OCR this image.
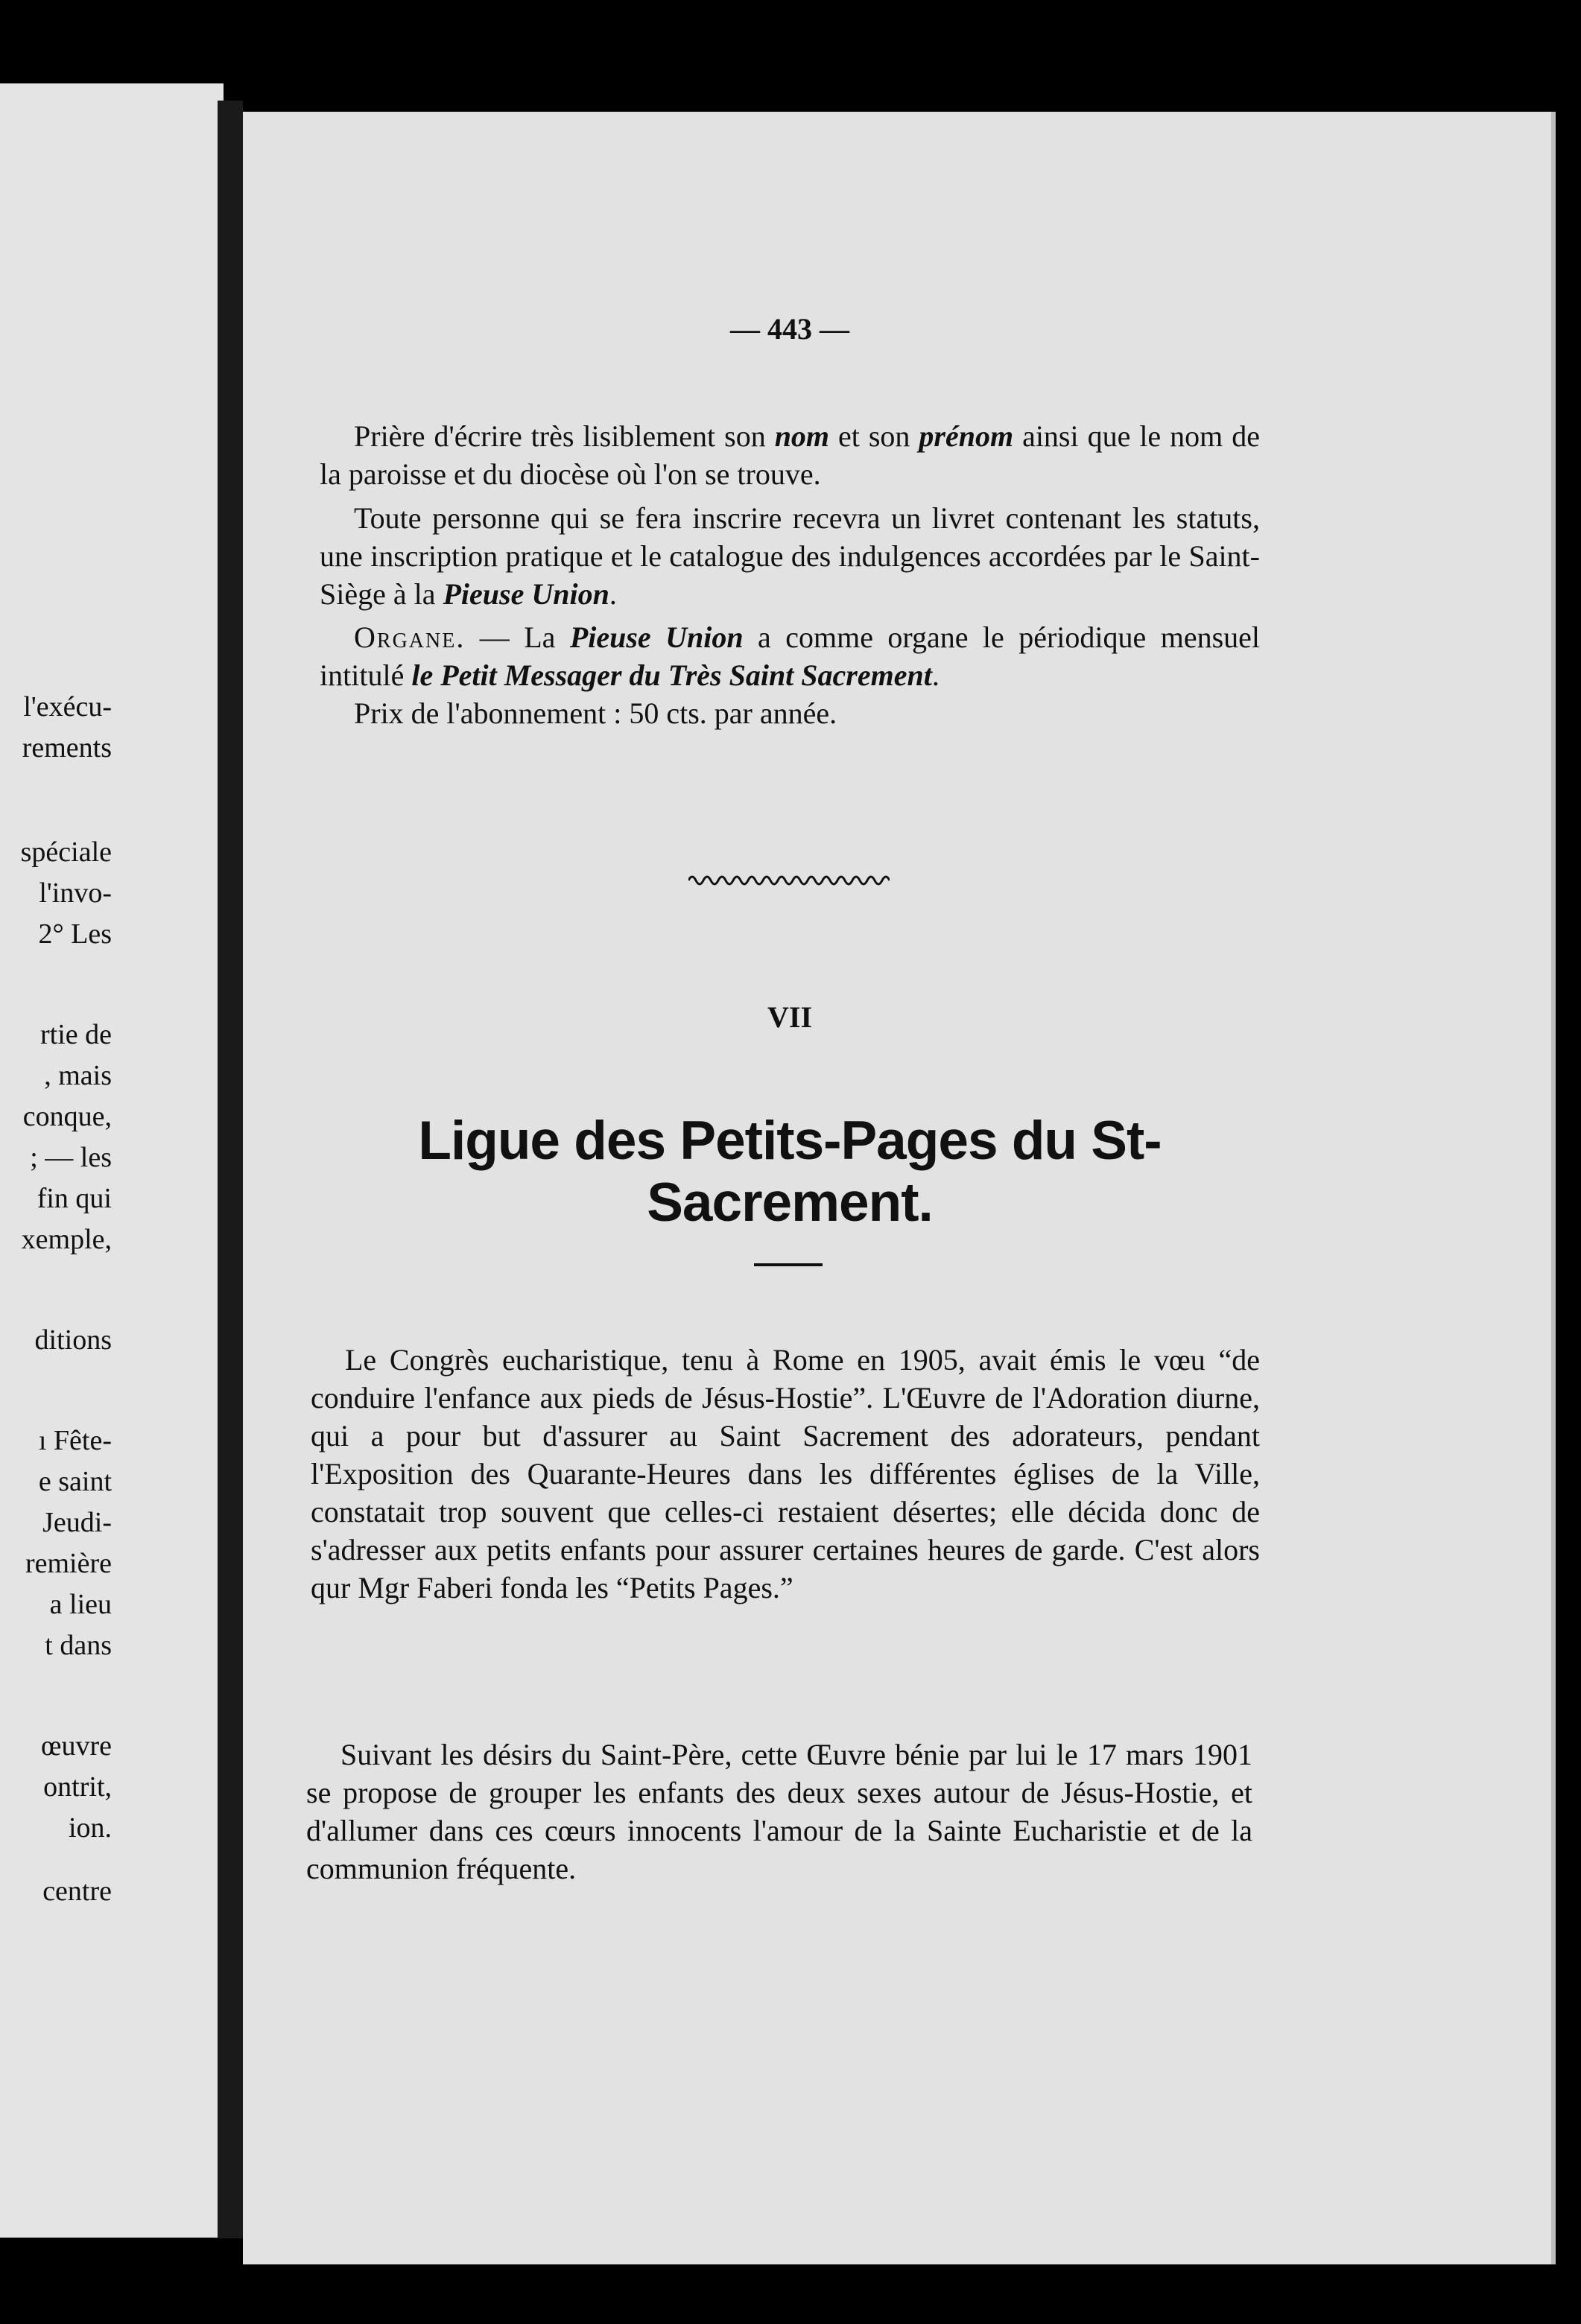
l'exécu-
rements
spéciale
l'invo-
2° Les
rtie de
, mais
conque,
; — les
fin qui
xemple,
ditions
ı Fête-
e saint
Jeudi-
remière
a lieu
t dans
œuvre
ontrit,
ion.
centre
— 443 —

Prière d'écrire très lisiblement son nom et son prénom ainsi que le nom de la paroisse et du diocèse où l'on se trouve.

Toute personne qui se fera inscrire recevra un livret contenant les statuts, une inscription pratique et le catalogue des indulgences accordées par le Saint-Siège à la Pieuse Union.

Organe. — La Pieuse Union a comme organe le périodique mensuel intitulé le Petit Messager du Très Saint Sacrement.

Prix de l'abonnement : 50 cts. par année.

VII
Ligue des Petits-Pages du St-Sacrement.

Le Congrès eucharistique, tenu à Rome en 1905, avait émis le vœu “de conduire l'enfance aux pieds de Jésus-Hostie”. L'Œuvre de l'Adoration diurne, qui a pour but d'assurer au Saint Sacrement des adorateurs, pendant l'Exposition des Quarante-Heures dans les différentes églises de la Ville, constatait trop souvent que celles-ci restaient désertes; elle décida donc de s'adresser aux petits enfants pour assurer certaines heures de garde. C'est alors qur Mgr Faberi fonda les “Petits Pages.”

Suivant les désirs du Saint-Père, cette Œuvre bénie par lui le 17 mars 1901 se propose de grouper les enfants des deux sexes autour de Jésus-Hostie, et d'allumer dans ces cœurs innocents l'amour de la Sainte Eucharistie et de la communion fréquente.
